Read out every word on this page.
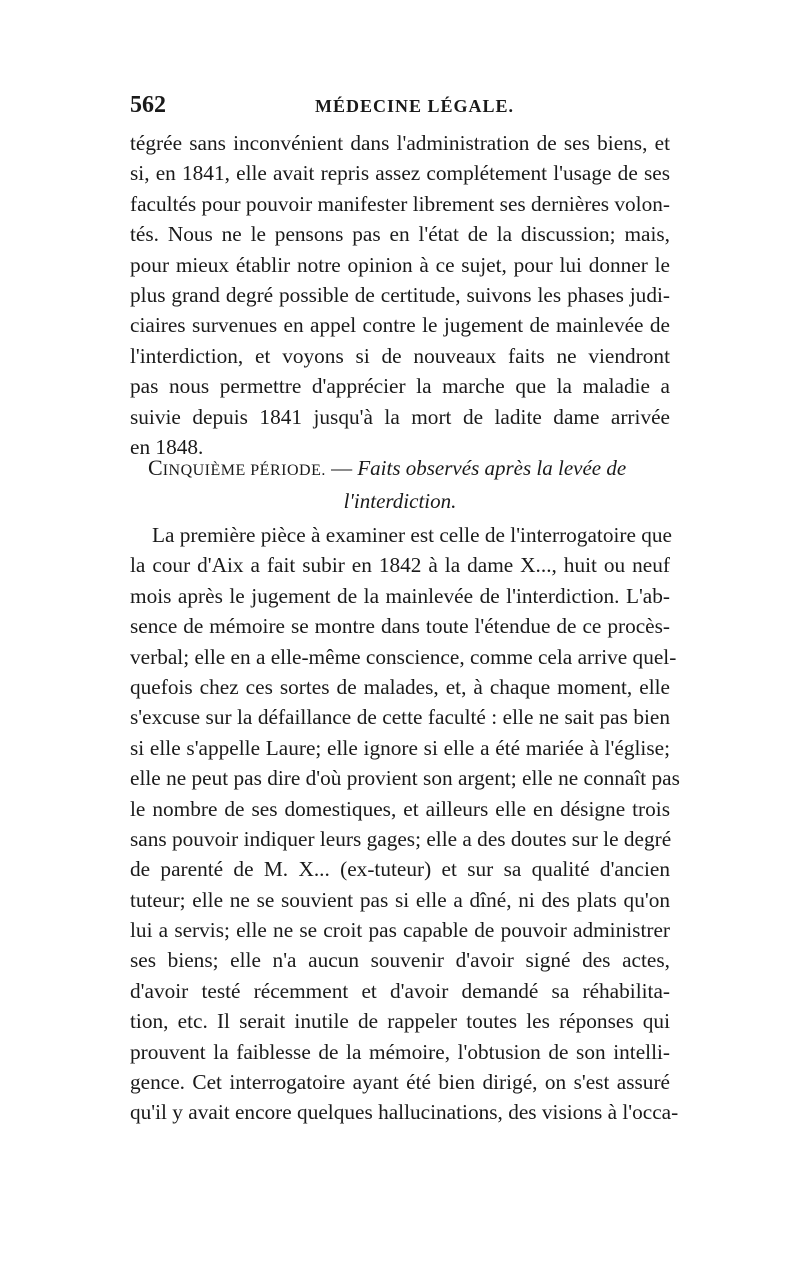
562	MÉDECINE LÉGALE.
tégrée sans inconvénient dans l'administration de ses biens, et
si, en 1841, elle avait repris assez complétement l'usage de ses
facultés pour pouvoir manifester librement ses dernières volon-
tés. Nous ne le pensons pas en l'état de la discussion; mais,
pour mieux établir notre opinion à ce sujet, pour lui donner le
plus grand degré possible de certitude, suivons les phases judi-
ciaires survenues en appel contre le jugement de mainlevée de
l'interdiction, et voyons si de nouveaux faits ne viendront
pas nous permettre d'apprécier la marche que la maladie a
suivie depuis 1841 jusqu'à la mort de ladite dame arrivée
en 1848.
CINQUIÈME PÉRIODE. — Faits observés après la levée de
l'interdiction.
La première pièce à examiner est celle de l'interrogatoire que
la cour d'Aix a fait subir en 1842 à la dame X..., huit ou neuf
mois après le jugement de la mainlevée de l'interdiction. L'ab-
sence de mémoire se montre dans toute l'étendue de ce procès-
verbal; elle en a elle-même conscience, comme cela arrive quel-
quefois chez ces sortes de malades, et, à chaque moment, elle
s'excuse sur la défaillance de cette faculté : elle ne sait pas bien
si elle s'appelle Laure; elle ignore si elle a été mariée à l'église;
elle ne peut pas dire d'où provient son argent; elle ne connaît pas
le nombre de ses domestiques, et ailleurs elle en désigne trois
sans pouvoir indiquer leurs gages; elle a des doutes sur le degré
de parenté de M. X... (ex-tuteur) et sur sa qualité d'ancien
tuteur; elle ne se souvient pas si elle a dîné, ni des plats qu'on
lui a servis; elle ne se croit pas capable de pouvoir administrer
ses biens; elle n'a aucun souvenir d'avoir signé des actes,
d'avoir testé récemment et d'avoir demandé sa réhabilita-
tion, etc. Il serait inutile de rappeler toutes les réponses qui
prouvent la faiblesse de la mémoire, l'obtusion de son intelli-
gence. Cet interrogatoire ayant été bien dirigé, on s'est assuré
qu'il y avait encore quelques hallucinations, des visions à l'occa-
